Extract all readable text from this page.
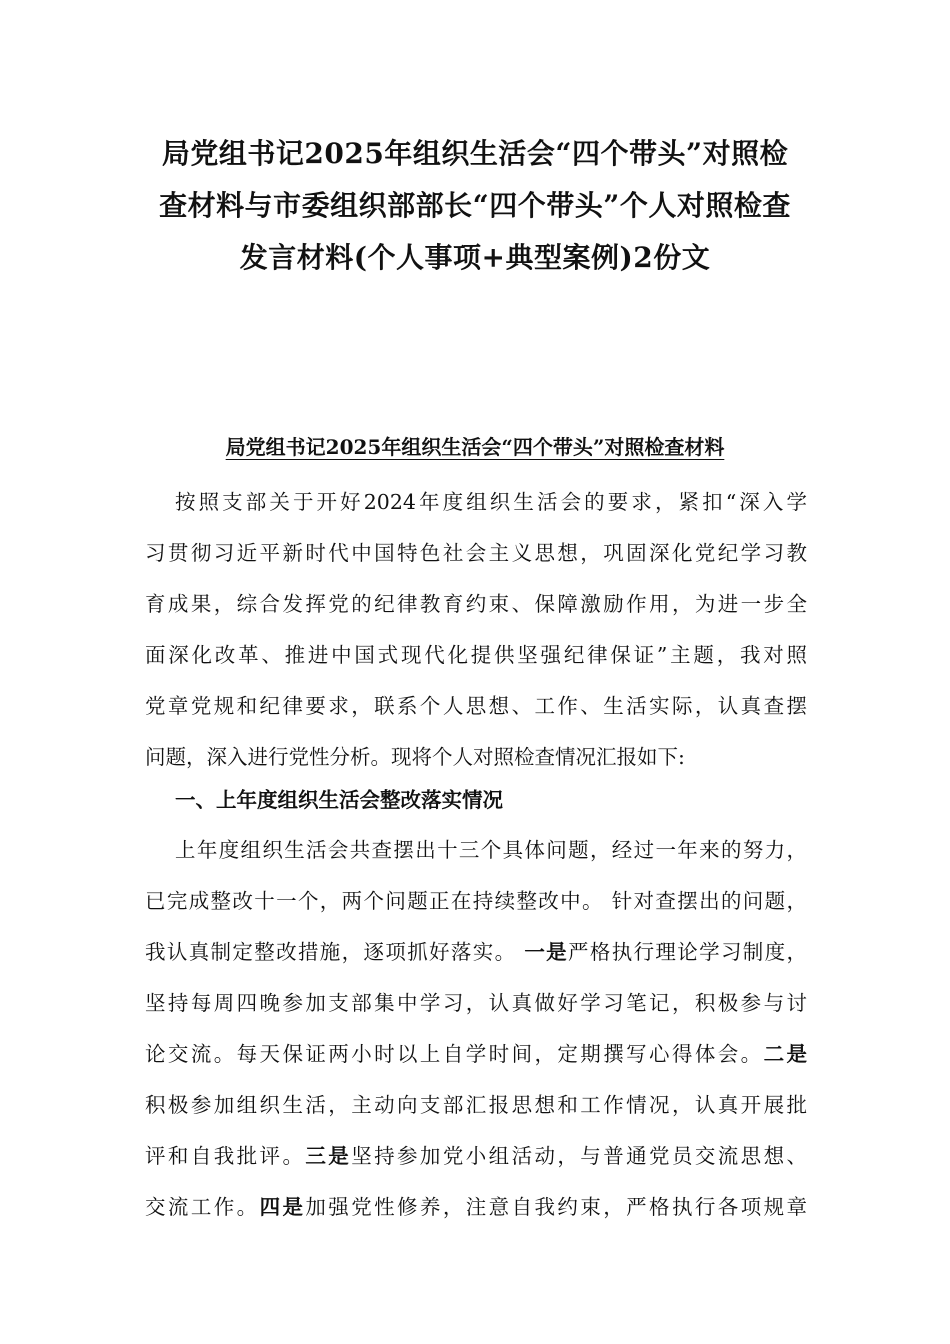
局党组书记2025年组织生活会“四个带头”对照检
查材料与市委组织部部长“四个带头”个人对照检查
发言材料(个人事项+典型案例)2份文
局党组书记2025年组织生活会“四个带头”对照检查材料
按照支部关于开好2024年度组织生活会的要求，紧扣“深入学
习贯彻习近平新时代中国特色社会主义思想，巩固深化党纪学习教
育成果，综合发挥党的纪律教育约束、保障激励作用，为进一步全
面深化改革、推进中国式现代化提供坚强纪律保证”主题，我对照
党章党规和纪律要求，联系个人思想、工作、生活实际，认真查摆
问题，深入进行党性分析。现将个人对照检查情况汇报如下:
一、上年度组织生活会整改落实情况
上年度组织生活会共查摆出十三个具体问题，经过一年来的努力，
已完成整改十一个，两个问题正在持续整改中。 针对查摆出的问题，
我认真制定整改措施，逐项抓好落实。 一是严格执行理论学习制度，
坚持每周四晚参加支部集中学习，认真做好学习笔记，积极参与讨
论交流。每天保证两小时以上自学时间，定期撰写心得体会。二是
积极参加组织生活，主动向支部汇报思想和工作情况，认真开展批
评和自我批评。三是坚持参加党小组活动，与普通党员交流思想、
交流工作。四是加强党性修养，注意自我约束，严格执行各项规章
